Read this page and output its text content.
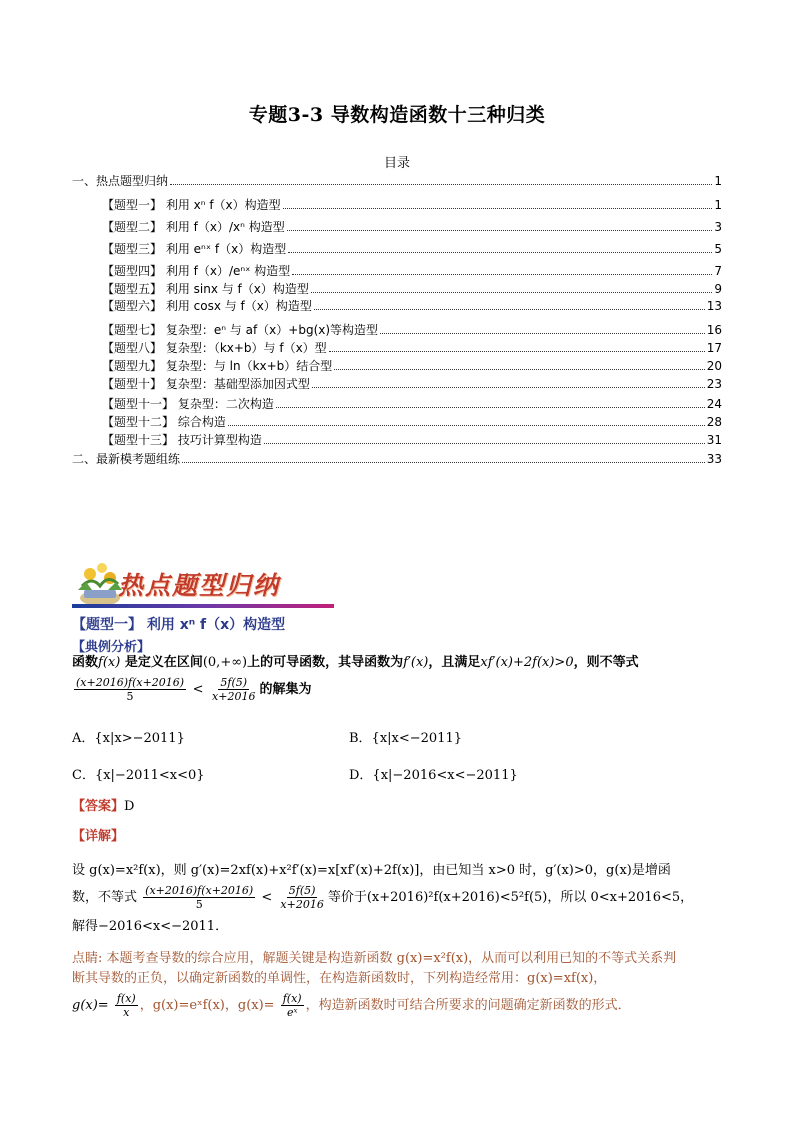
专题3-3 导数构造函数十三种归类
目录
热点题型归纳
【题型一】 利用 xⁿ f（x）构造型
【典例分析】
函数f(x) 是定义在区间(0,+∞)上的可导函数，其导函数为f′(x)，且满足xf′(x)+2f(x)>0，则不等式
$\frac{(x+2016)f(x+2016)}{5} < \frac{5f(5)}{x+2016}$ 的解集为
A．{x|x>−2011}	B．{x|x<−2011}
C．{x|−2011<x<0}	D．{x|−2016<x<−2011}
【答案】D
【详解】
设 g(x)=x²f(x)，则 g′(x)=2xf(x)+x²f′(x)=x[xf′(x)+2f(x)]，由已知当 x>0 时，g′(x)>0，g(x)是增函
数，不等式 $\frac{(x+2016)f(x+2016)}{5} < \frac{5f(5)}{x+2016}$ 等价于(x+2016)²f(x+2016)<5²f(5)，所以 0<x+2016<5，
解得−2016<x<−2011．
点睛: 本题考查导数的综合应用，解题关键是构造新函数 g(x)=x²f(x)，从而可以利用已知的不等式关系判
断其导数的正负，以确定新函数的单调性，在构造新函数时，下列构造经常用：g(x)=xf(x)，
$g(x)= \frac{f(x)}{x}$ ，g(x)=eˣf(x)，$g(x)= \frac{f(x)}{\text{eˣ}}$ ，构造新函数时可结合所要求的问题确定新函数的形式．
一、热点题型归纳	1
【题型一】 利用 xⁿ f（x）构造型	1
【题型二】 利用 f（x）/xⁿ 构造型	3
【题型三】 利用 eⁿˣ f（x）构造型	5
【题型四】 利用 f（x）/eⁿˣ 构造型	7
【题型五】 利用 sinx 与 f（x）构造型	9
【题型六】 利用 cosx 与 f（x）构造型	13
【题型七】 复杂型：eⁿ 与 af（x）+bg(x)等构造型	16
【题型八】 复杂型：（kx+b）与 f（x）型	17
【题型九】 复杂型：与 ln（kx+b）结合型	20
【题型十】 复杂型：基础型添加因式型	23
【题型十一】 复杂型：二次构造	24
【题型十二】 综合构造	28
【题型十三】 技巧计算型构造	31
二、最新模考题组练	33
